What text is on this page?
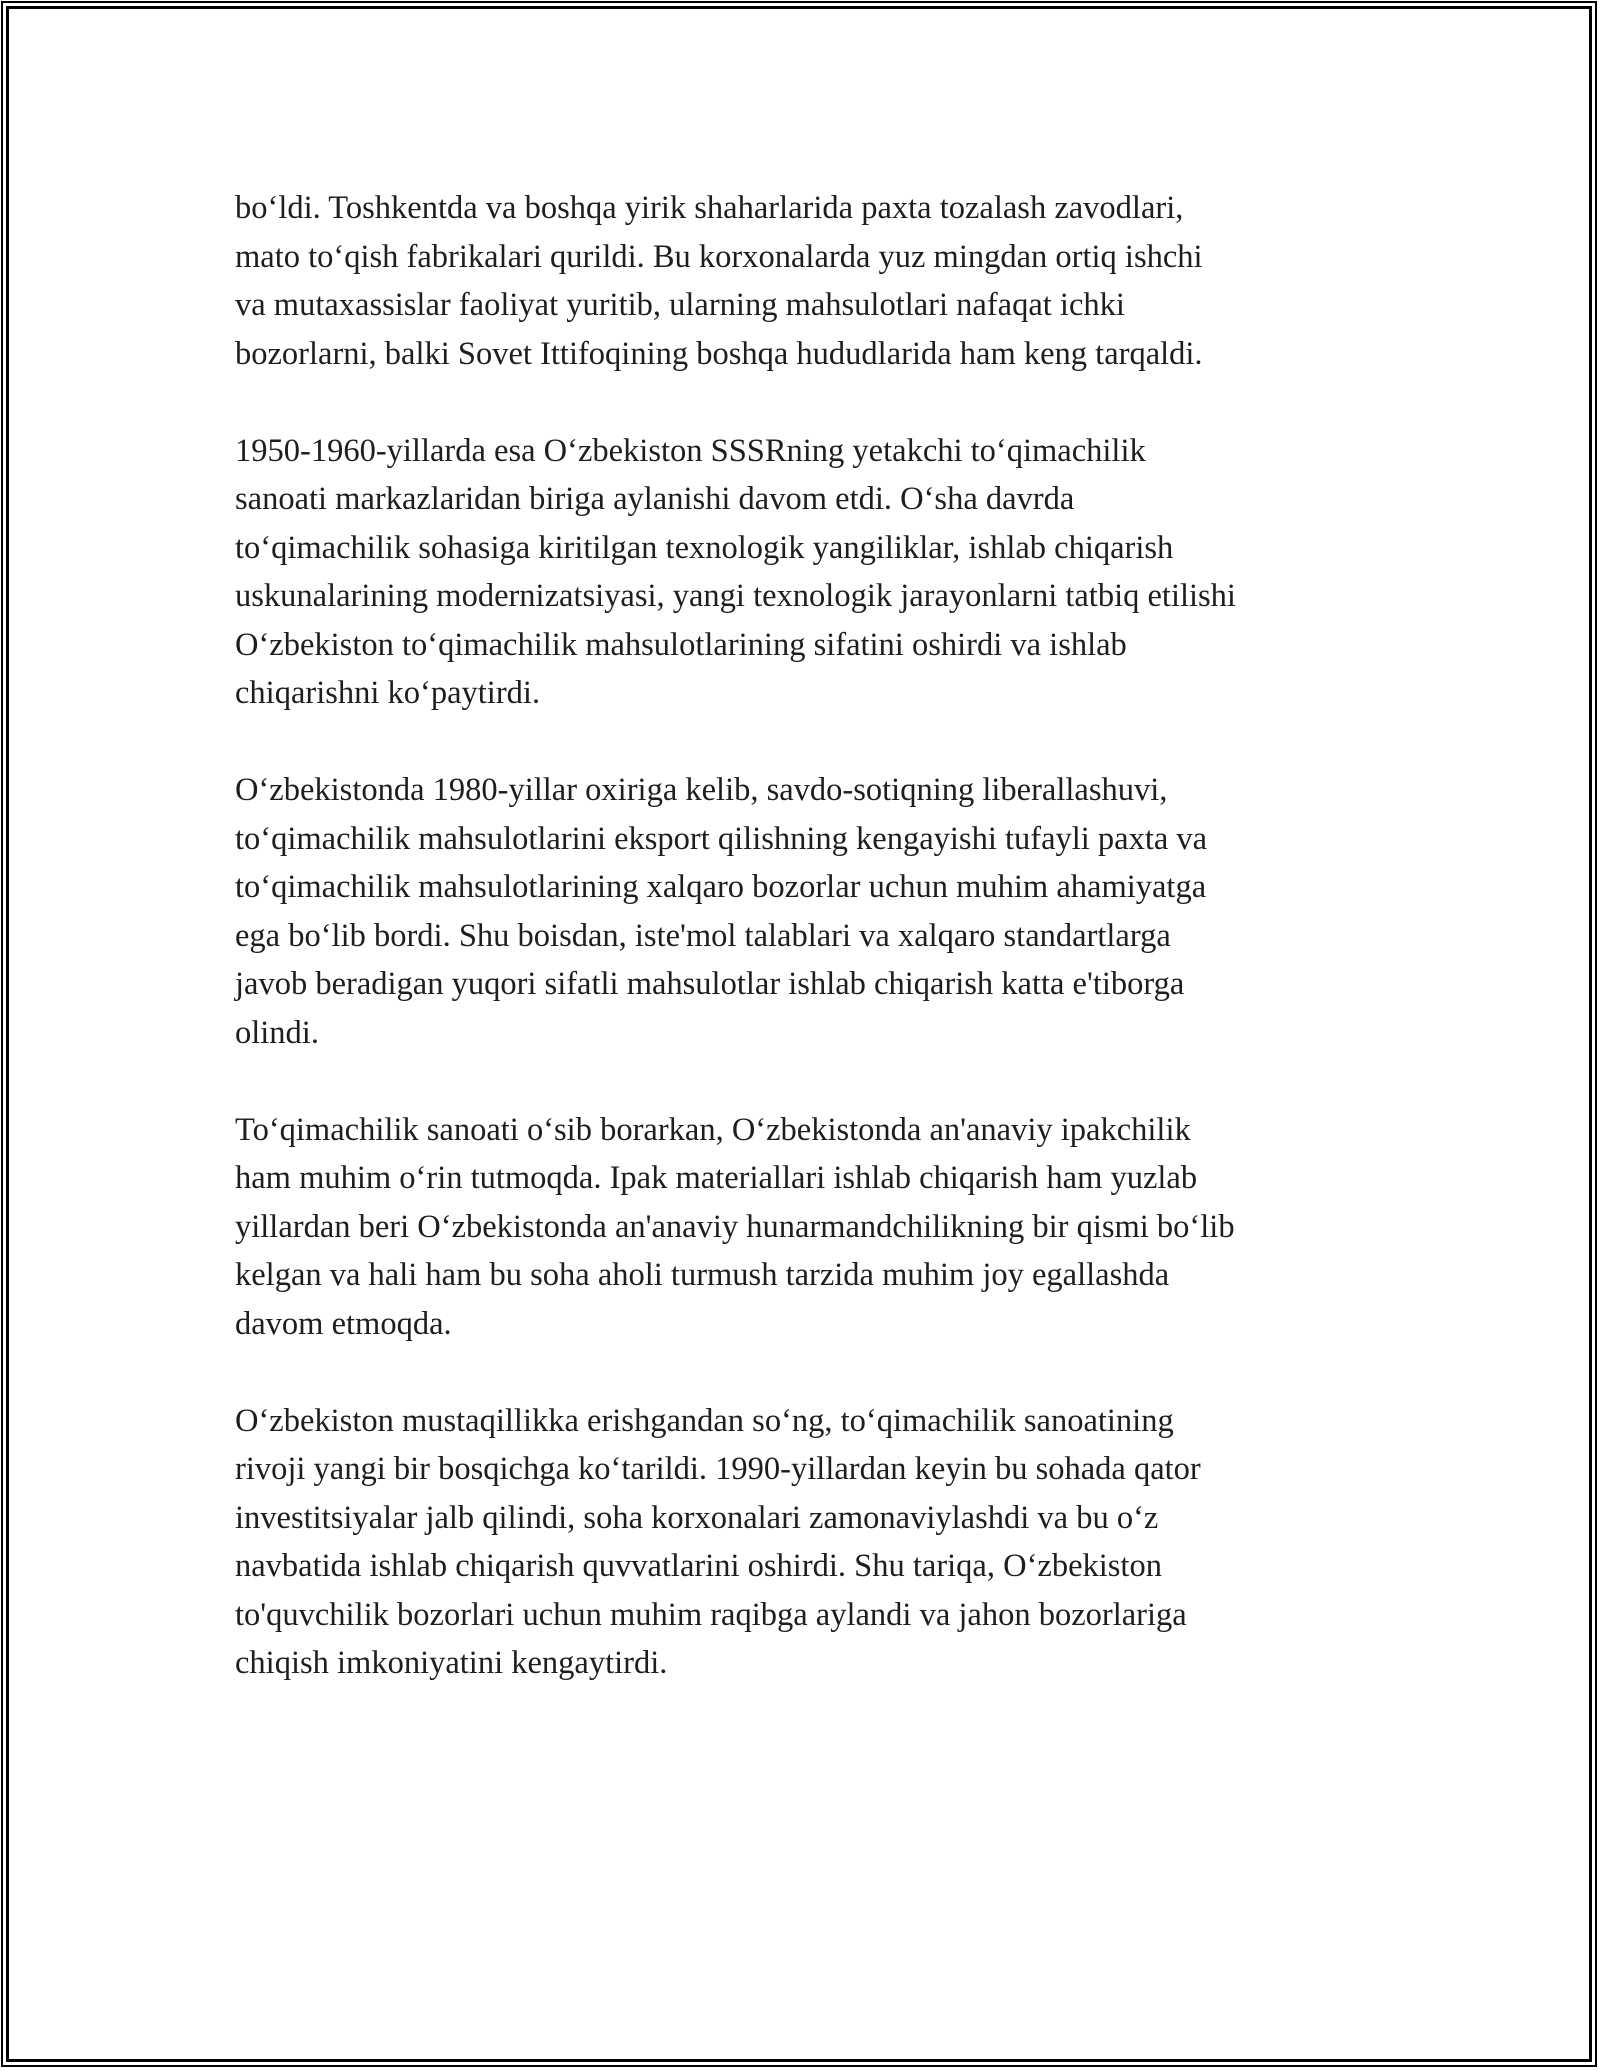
bo‘ldi. Toshkentda va boshqa yirik shaharlarida paxta tozalash zavodlari,
mato to‘qish fabrikalari qurildi. Bu korxonalarda yuz mingdan ortiq ishchi
va mutaxassislar faoliyat yuritib, ularning mahsulotlari nafaqat ichki
bozorlarni, balki Sovet Ittifoqining boshqa hududlarida ham keng tarqaldi.

1950-1960-yillarda esa O‘zbekiston SSSRning yetakchi to‘qimachilik
sanoati markazlaridan biriga aylanishi davom etdi. O‘sha davrda
to‘qimachilik sohasiga kiritilgan texnologik yangiliklar, ishlab chiqarish
uskunalarining modernizatsiyasi, yangi texnologik jarayonlarni tatbiq etilishi
O‘zbekiston to‘qimachilik mahsulotlarining sifatini oshirdi va ishlab
chiqarishni ko‘paytirdi.

O‘zbekistonda 1980-yillar oxiriga kelib, savdo-sotiqning liberallashuvi,
to‘qimachilik mahsulotlarini eksport qilishning kengayishi tufayli paxta va
to‘qimachilik mahsulotlarining xalqaro bozorlar uchun muhim ahamiyatga
ega bo‘lib bordi. Shu boisdan, iste'mol talablari va xalqaro standartlarga
javob beradigan yuqori sifatli mahsulotlar ishlab chiqarish katta e'tiborga
olindi.

To‘qimachilik sanoati o‘sib borarkan, O‘zbekistonda an'anaviy ipakchilik
ham muhim o‘rin tutmoqda. Ipak materiallari ishlab chiqarish ham yuzlab
yillardan beri O‘zbekistonda an'anaviy hunarmandchilikning bir qismi bo‘lib
kelgan va hali ham bu soha aholi turmush tarzida muhim joy egallashda
davom etmoqda.

O‘zbekiston mustaqillikka erishgandan so‘ng, to‘qimachilik sanoatining
rivoji yangi bir bosqichga ko‘tarildi. 1990-yillardan keyin bu sohada qator
investitsiyalar jalb qilindi, soha korxonalari zamonaviylashdi va bu o‘z
navbatida ishlab chiqarish quvvatlarini oshirdi. Shu tariqa, O‘zbekiston
to'quvchilik bozorlari uchun muhim raqibga aylandi va jahon bozorlariga
chiqish imkoniyatini kengaytirdi.
